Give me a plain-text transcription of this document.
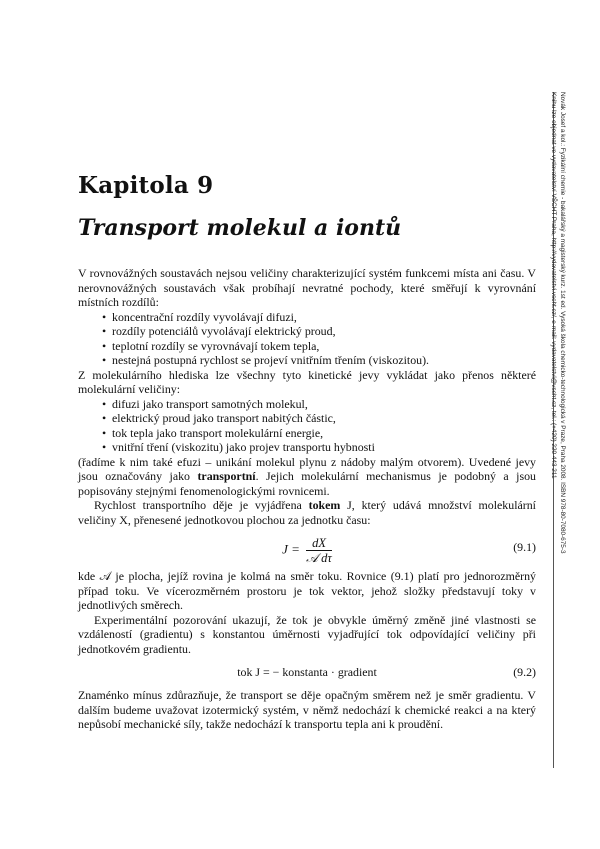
Kapitola 9
Transport molekul a iontů

V rovnovážných soustavách nejsou veličiny charakterizující systém funkcemi místa ani času. V nerovnovážných soustavách však probíhají nevratné pochody, které směřují k vyrovnání místních rozdílů:

• koncentrační rozdíly vyvolávají difuzi,
• rozdíly potenciálů vyvolávají elektrický proud,
• teplotní rozdíly se vyrovnávají tokem tepla,
• nestejná postupná rychlost se projeví vnitřním třením (viskozitou).

Z molekulárního hlediska lze všechny tyto kinetické jevy vykládat jako přenos některé molekulární veličiny:

• difuzi jako transport samotných molekul,
• elektrický proud jako transport nabitých částic,
• tok tepla jako transport molekulární energie,
• vnitřní tření (viskozitu) jako projev transportu hybnosti

(řadíme k nim také efuzi – unikání molekul plynu z nádoby malým otvorem). Uvedené jevy jsou označovány jako transportní. Jejich molekulární mechanismus je podobný a jsou popisovány stejnými fenomenologickými rovnicemi.

Rychlost transportního děje je vyjádřena tokem J, který udává množství molekulární veličiny X, přenesené jednotkovou plochou za jednotku času:

$J = \frac{dX}{\text{𝒜 dτ}}$	(9.1)

kde 𝒜 je plocha, jejíž rovina je kolmá na směr toku. Rovnice (9.1) platí pro jednorozměrný případ toku. Ve vícerozměrném prostoru je tok vektor, jehož složky představují toky v jednotlivých směrech.

Experimentální pozorování ukazují, že tok je obvykle úměrný změně jiné vlastnosti se vzdáleností (gradientu) s konstantou úměrnosti vyjadřující tok odpovídající veličiny při jednotkovém gradientu.

tok J = − konstanta · gradient	(9.2)

Znaménko mínus zdůrazňuje, že transport se děje opačným směrem než je směr gradientu. V dalším budeme uvažovat izotermický systém, v němž nedochází k chemické reakci a na který nepůsobí mechanické síly, takže nedochází k transportu tepla ani k proudění.

Novák Josef a kol.: Fyzikální chemie - bakalářský a magisterský kurz. 1st ed. Vysoká škola chemicko-technologická v Praze, Praha 2008. ISBN 978-80-7080-675-3
Knihu lze objednat ve vydavatelství VŠCHT Praha, http://vydavatelstvi.vscht.cz/, e-mail: vydavatelstvi@vscht.cz, tel.: (+420) 220 443 211
